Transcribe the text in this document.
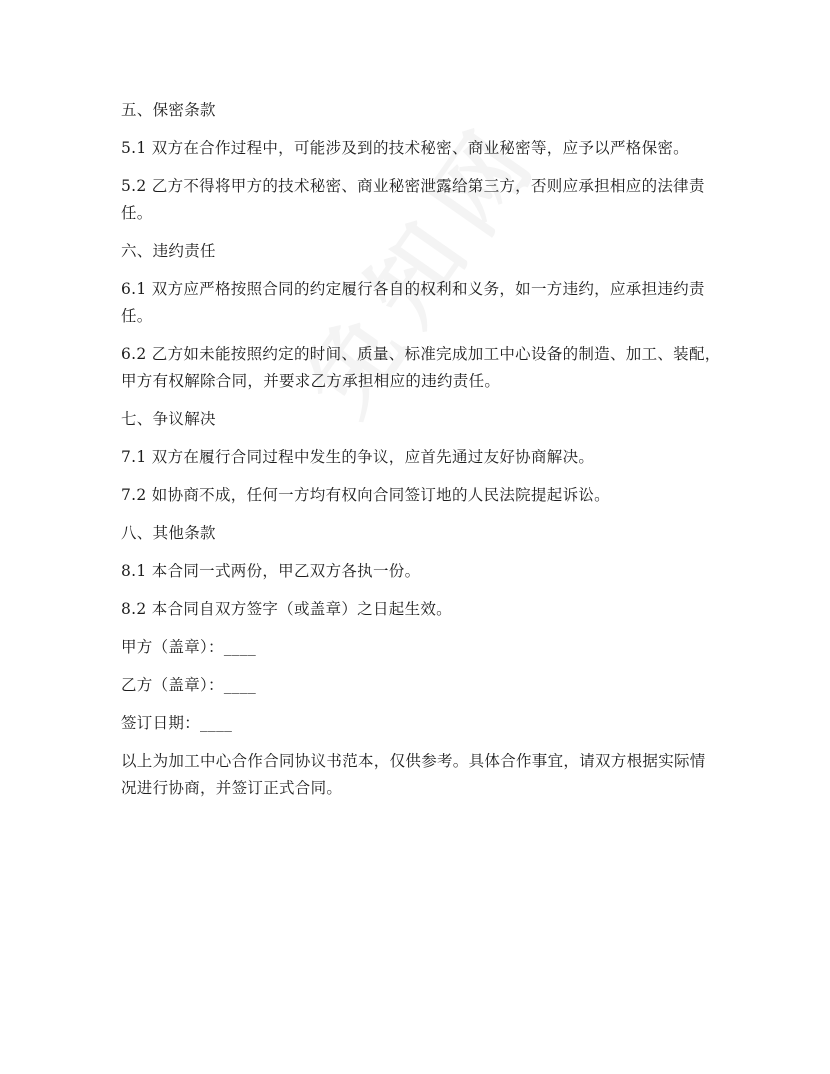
五、保密条款

5.1 双方在合作过程中，可能涉及到的技术秘密、商业秘密等，应予以严格保密。

5.2 乙方不得将甲方的技术秘密、商业秘密泄露给第三方，否则应承担相应的法律责任。

六、违约责任

6.1 双方应严格按照合同的约定履行各自的权利和义务，如一方违约，应承担违约责任。

6.2 乙方如未能按照约定的时间、质量、标准完成加工中心设备的制造、加工、装配，甲方有权解除合同，并要求乙方承担相应的违约责任。

七、争议解决

7.1 双方在履行合同过程中发生的争议，应首先通过友好协商解决。

7.2 如协商不成，任何一方均有权向合同签订地的人民法院提起诉讼。

八、其他条款

8.1 本合同一式两份，甲乙双方各执一份。

8.2 本合同自双方签字（或盖章）之日起生效。

甲方（盖章）：____

乙方（盖章）：____

签订日期：____

以上为加工中心合作合同协议书范本，仅供参考。具体合作事宜，请双方根据实际情况进行协商，并签订正式合同。
